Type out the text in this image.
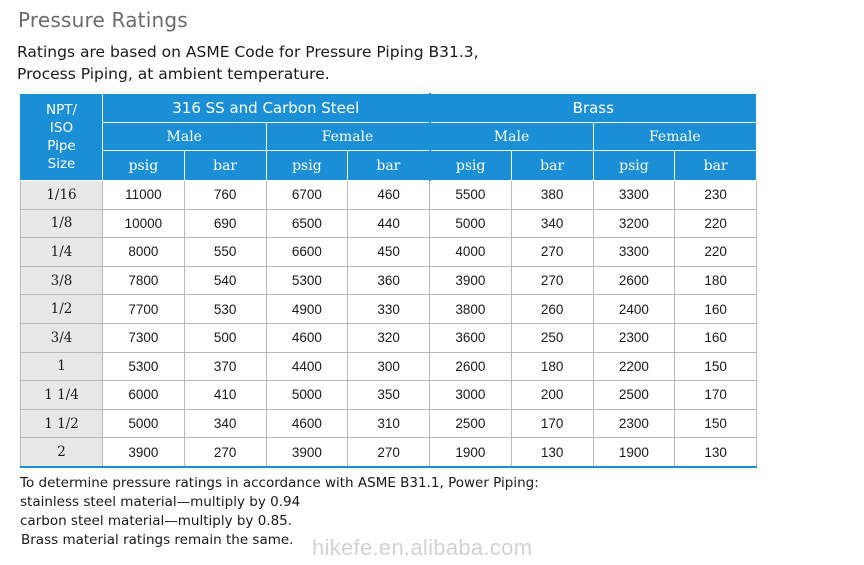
Pressure Ratings
Ratings are based on ASME Code for Pressure Piping B31.3,
Process Piping, at ambient temperature.
NPT/
ISO
Pipe
Size	316 SS and Carbon Steel				Brass			
	Male		Female		Male		Female	
	psig	bar	psig	bar	psig	bar	psig	bar
1/16	11000	760	6700	460	5500	380	3300	230
1/8	10000	690	6500	440	5000	340	3200	220
1/4	8000	550	6600	450	4000	270	3300	220
3/8	7800	540	5300	360	3900	270	2600	180
1/2	7700	530	4900	330	3800	260	2400	160
3/4	7300	500	4600	320	3600	250	2300	160
1	5300	370	4400	300	2600	180	2200	150
1 1/4	6000	410	5000	350	3000	200	2500	170
1 1/2	5000	340	4600	310	2500	170	2300	150
2	3900	270	3900	270	1900	130	1900	130
To determine pressure ratings in accordance with ASME B31.1, Power Piping:
stainless steel material—multiply by 0.94
carbon steel material—multiply by 0.85.
Brass material ratings remain the same. hikefe.en.alibaba.com
